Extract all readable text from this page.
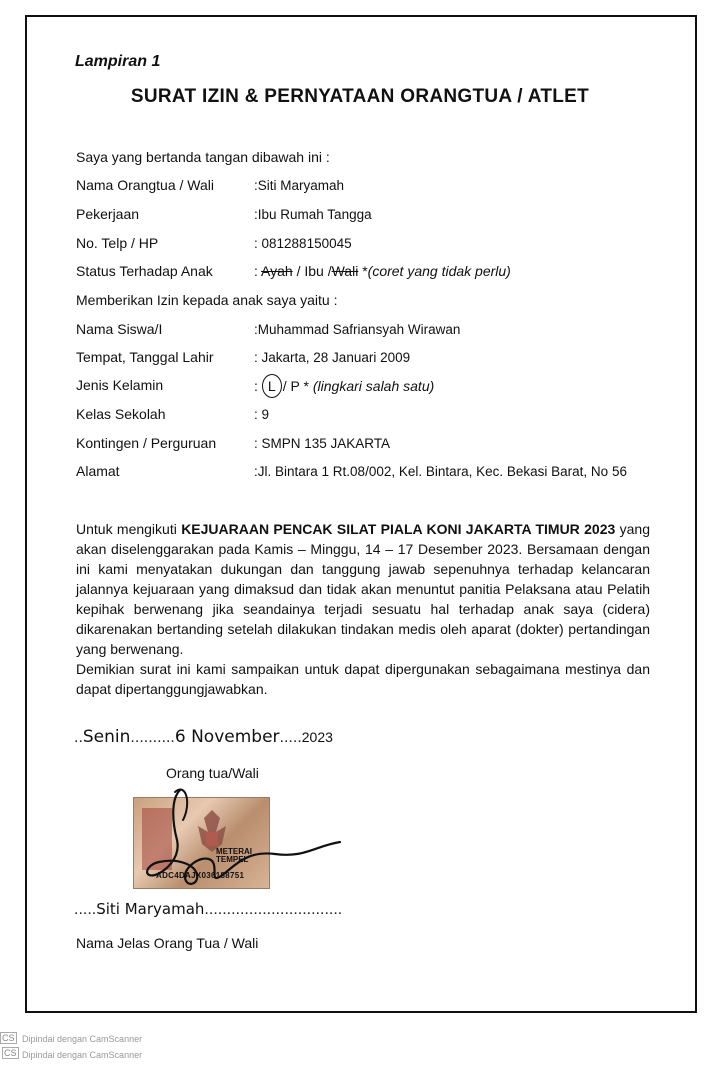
Lampiran 1
SURAT IZIN & PERNYATAAN ORANGTUA / ATLET
Saya yang bertanda tangan dibawah ini :
Nama Orangtua / Wali	:Siti Maryamah
Pekerjaan	:Ibu Rumah Tangga
No. Telp / HP	: 081288150045
Status Terhadap Anak	: Ayah / Ibu /Wali *(coret yang tidak perlu)
Memberikan Izin kepada anak saya yaitu :
Nama Siswa/I	:Muhammad Safriansyah Wirawan
Tempat, Tanggal Lahir	: Jakarta, 28 Januari 2009
Jenis Kelamin	: L / P * (lingkari salah satu)
Kelas Sekolah	: 9
Kontingen / Perguruan	: SMPN 135 JAKARTA
Alamat	:Jl. Bintara 1 Rt.08/002, Kel. Bintara, Kec. Bekasi Barat, No 56

Untuk mengikuti KEJUARAAN PENCAK SILAT PIALA KONI JAKARTA TIMUR 2023 yang akan diselenggarakan pada Kamis – Minggu, 14 – 17 Desember 2023. Bersamaan dengan ini kami menyatakan dukungan dan tanggung jawab sepenuhnya terhadap kelancaran jalannya kejuaraan yang dimaksud dan tidak akan menuntut panitia Pelaksana atau Pelatih kepihak berwenang jika seandainya terjadi sesuatu hal terhadap anak saya (cidera) dikarenakan bertanding setelah dilakukan tindakan medis oleh aparat (dokter) pertandingan yang berwenang.

Demikian surat ini kami sampaikan untuk dapat dipergunakan sebagaimana mestinya dan dapat dipertanggungjawabkan.

..Senin..........6 November.....2023
Orang tua/Wali
METERAI TEMPEL
ADC4DAJX036188751
.....Siti Maryamah...............................
Nama Jelas Orang Tua / Wali
CS Dipindai dengan CamScanner
CS Dipindai dengan CamScanner
